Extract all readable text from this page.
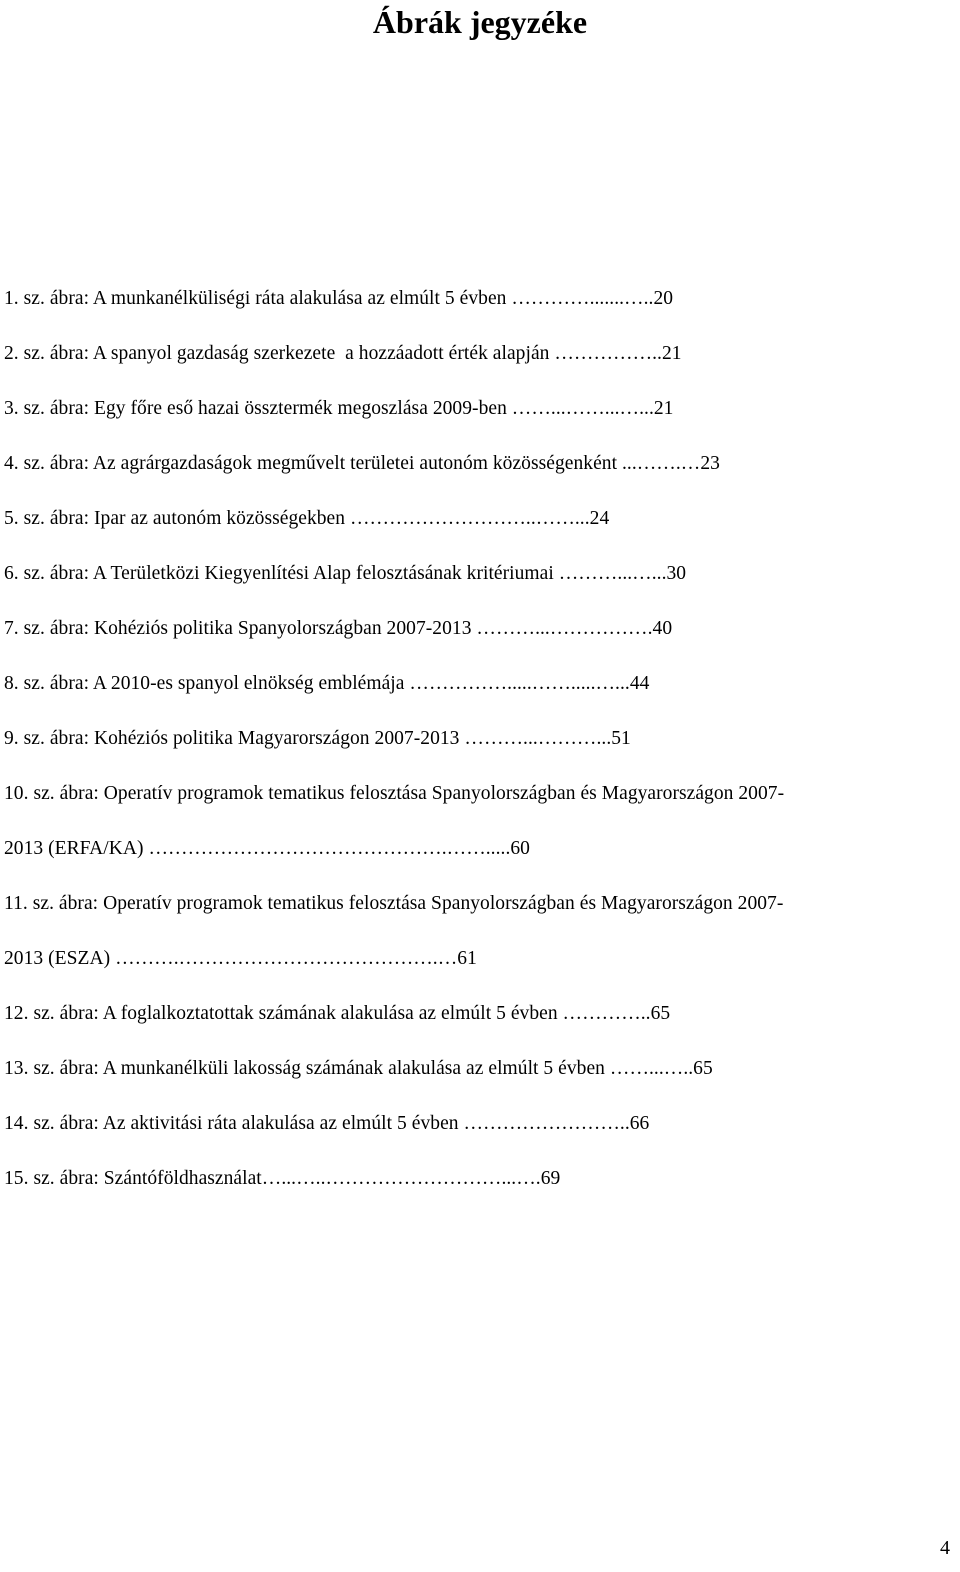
Ábrák jegyzéke
1. sz. ábra: A munkanélküliségi ráta alakulása az elmúlt 5 évben ………….......…..20
2. sz. ábra: A spanyol gazdaság szerkezete  a hozzáadott érték alapján ……………..21
3. sz. ábra: Egy főre eső hazai össztermék megoszlása 2009-ben ……...……...…...21
4. sz. ábra: Az agrárgazdaságok megművelt területei autonóm közösségenként ...…….…23
5. sz. ábra: Ipar az autonóm közösségekben ………………………..……...24
6. sz. ábra: A Területközi Kiegyenlítési Alap felosztásának kritériumai ………...…...30
7. sz. ábra: Kohéziós politika Spanyolországban 2007-2013 ………...…………….40
8. sz. ábra: A 2010-es spanyol elnökség emblémája …………….....…….....…...44
9. sz. ábra: Kohéziós politika Magyarországon 2007-2013 ………...………...51
10. sz. ábra: Operatív programok tematikus felosztása Spanyolországban és Magyarországon 2007-
2013 (ERFA/KA) ……………………………………….…….....60
11. sz. ábra: Operatív programok tematikus felosztása Spanyolországban és Magyarországon 2007-
2013 (ESZA) ……….………………………………….…61
12. sz. ábra: A foglalkoztatottak számának alakulása az elmúlt 5 évben …………..65
13. sz. ábra: A munkanélküli lakosság számának alakulása az elmúlt 5 évben ……...…..65
14. sz. ábra: Az aktivitási ráta alakulása az elmúlt 5 évben ……………………..66
15. sz. ábra: Szántóföldhasználat…...…..………………………...….69
4
